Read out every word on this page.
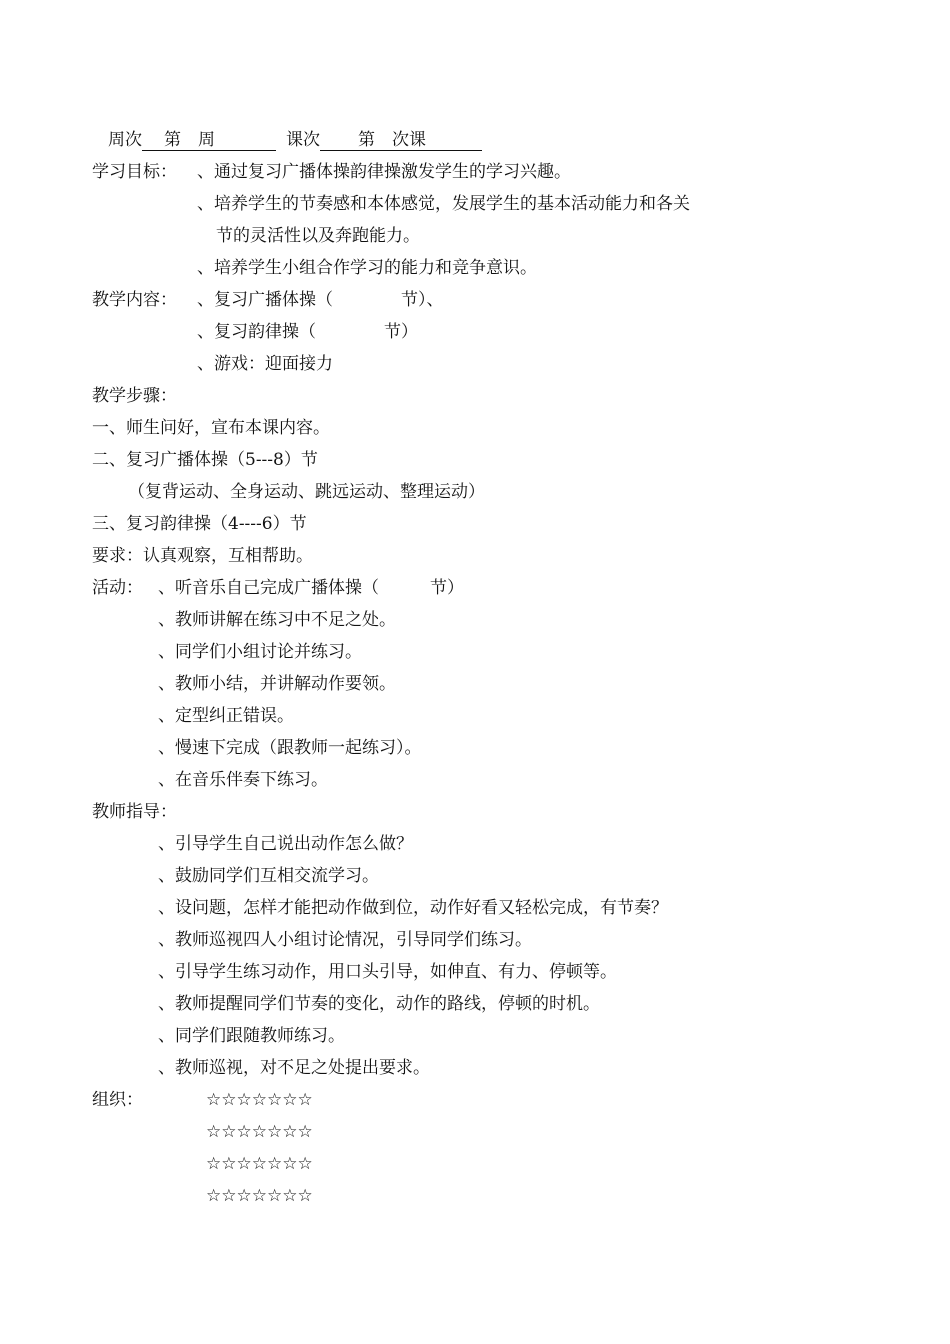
周次 第　周	课次 第　次课
学习目标： 、通过复习广播体操韵律操激发学生的学习兴趣。
、培养学生的节奏感和本体感觉，发展学生的基本活动能力和各关
节的灵活性以及奔跑能力。
、培养学生小组合作学习的能力和竞争意识。
教学内容： 、复习广播体操（　　　　节）、
、复习韵律操（　　　　节）
、游戏：迎面接力
教学步骤：
一、师生问好，宣布本课内容。
二、复习广播体操（5---8）节
（复背运动、全身运动、跳远运动、整理运动）
三、复习韵律操（4----6）节
要求：认真观察，互相帮助。
活动： 、听音乐自己完成广播体操（　　　节）
、教师讲解在练习中不足之处。
、同学们小组讨论并练习。
、教师小结，并讲解动作要领。
、定型纠正错误。
、慢速下完成（跟教师一起练习）。
、在音乐伴奏下练习。
教师指导：
、引导学生自己说出动作怎么做？
、鼓励同学们互相交流学习。
、设问题，怎样才能把动作做到位，动作好看又轻松完成，有节奏？
、教师巡视四人小组讨论情况，引导同学们练习。
、引导学生练习动作，用口头引导，如伸直、有力、停顿等。
、教师提醒同学们节奏的变化，动作的路线，停顿的时机。
、同学们跟随教师练习。
、教师巡视，对不足之处提出要求。
组织：	☆☆☆☆☆☆☆
☆☆☆☆☆☆☆
☆☆☆☆☆☆☆
☆☆☆☆☆☆☆
